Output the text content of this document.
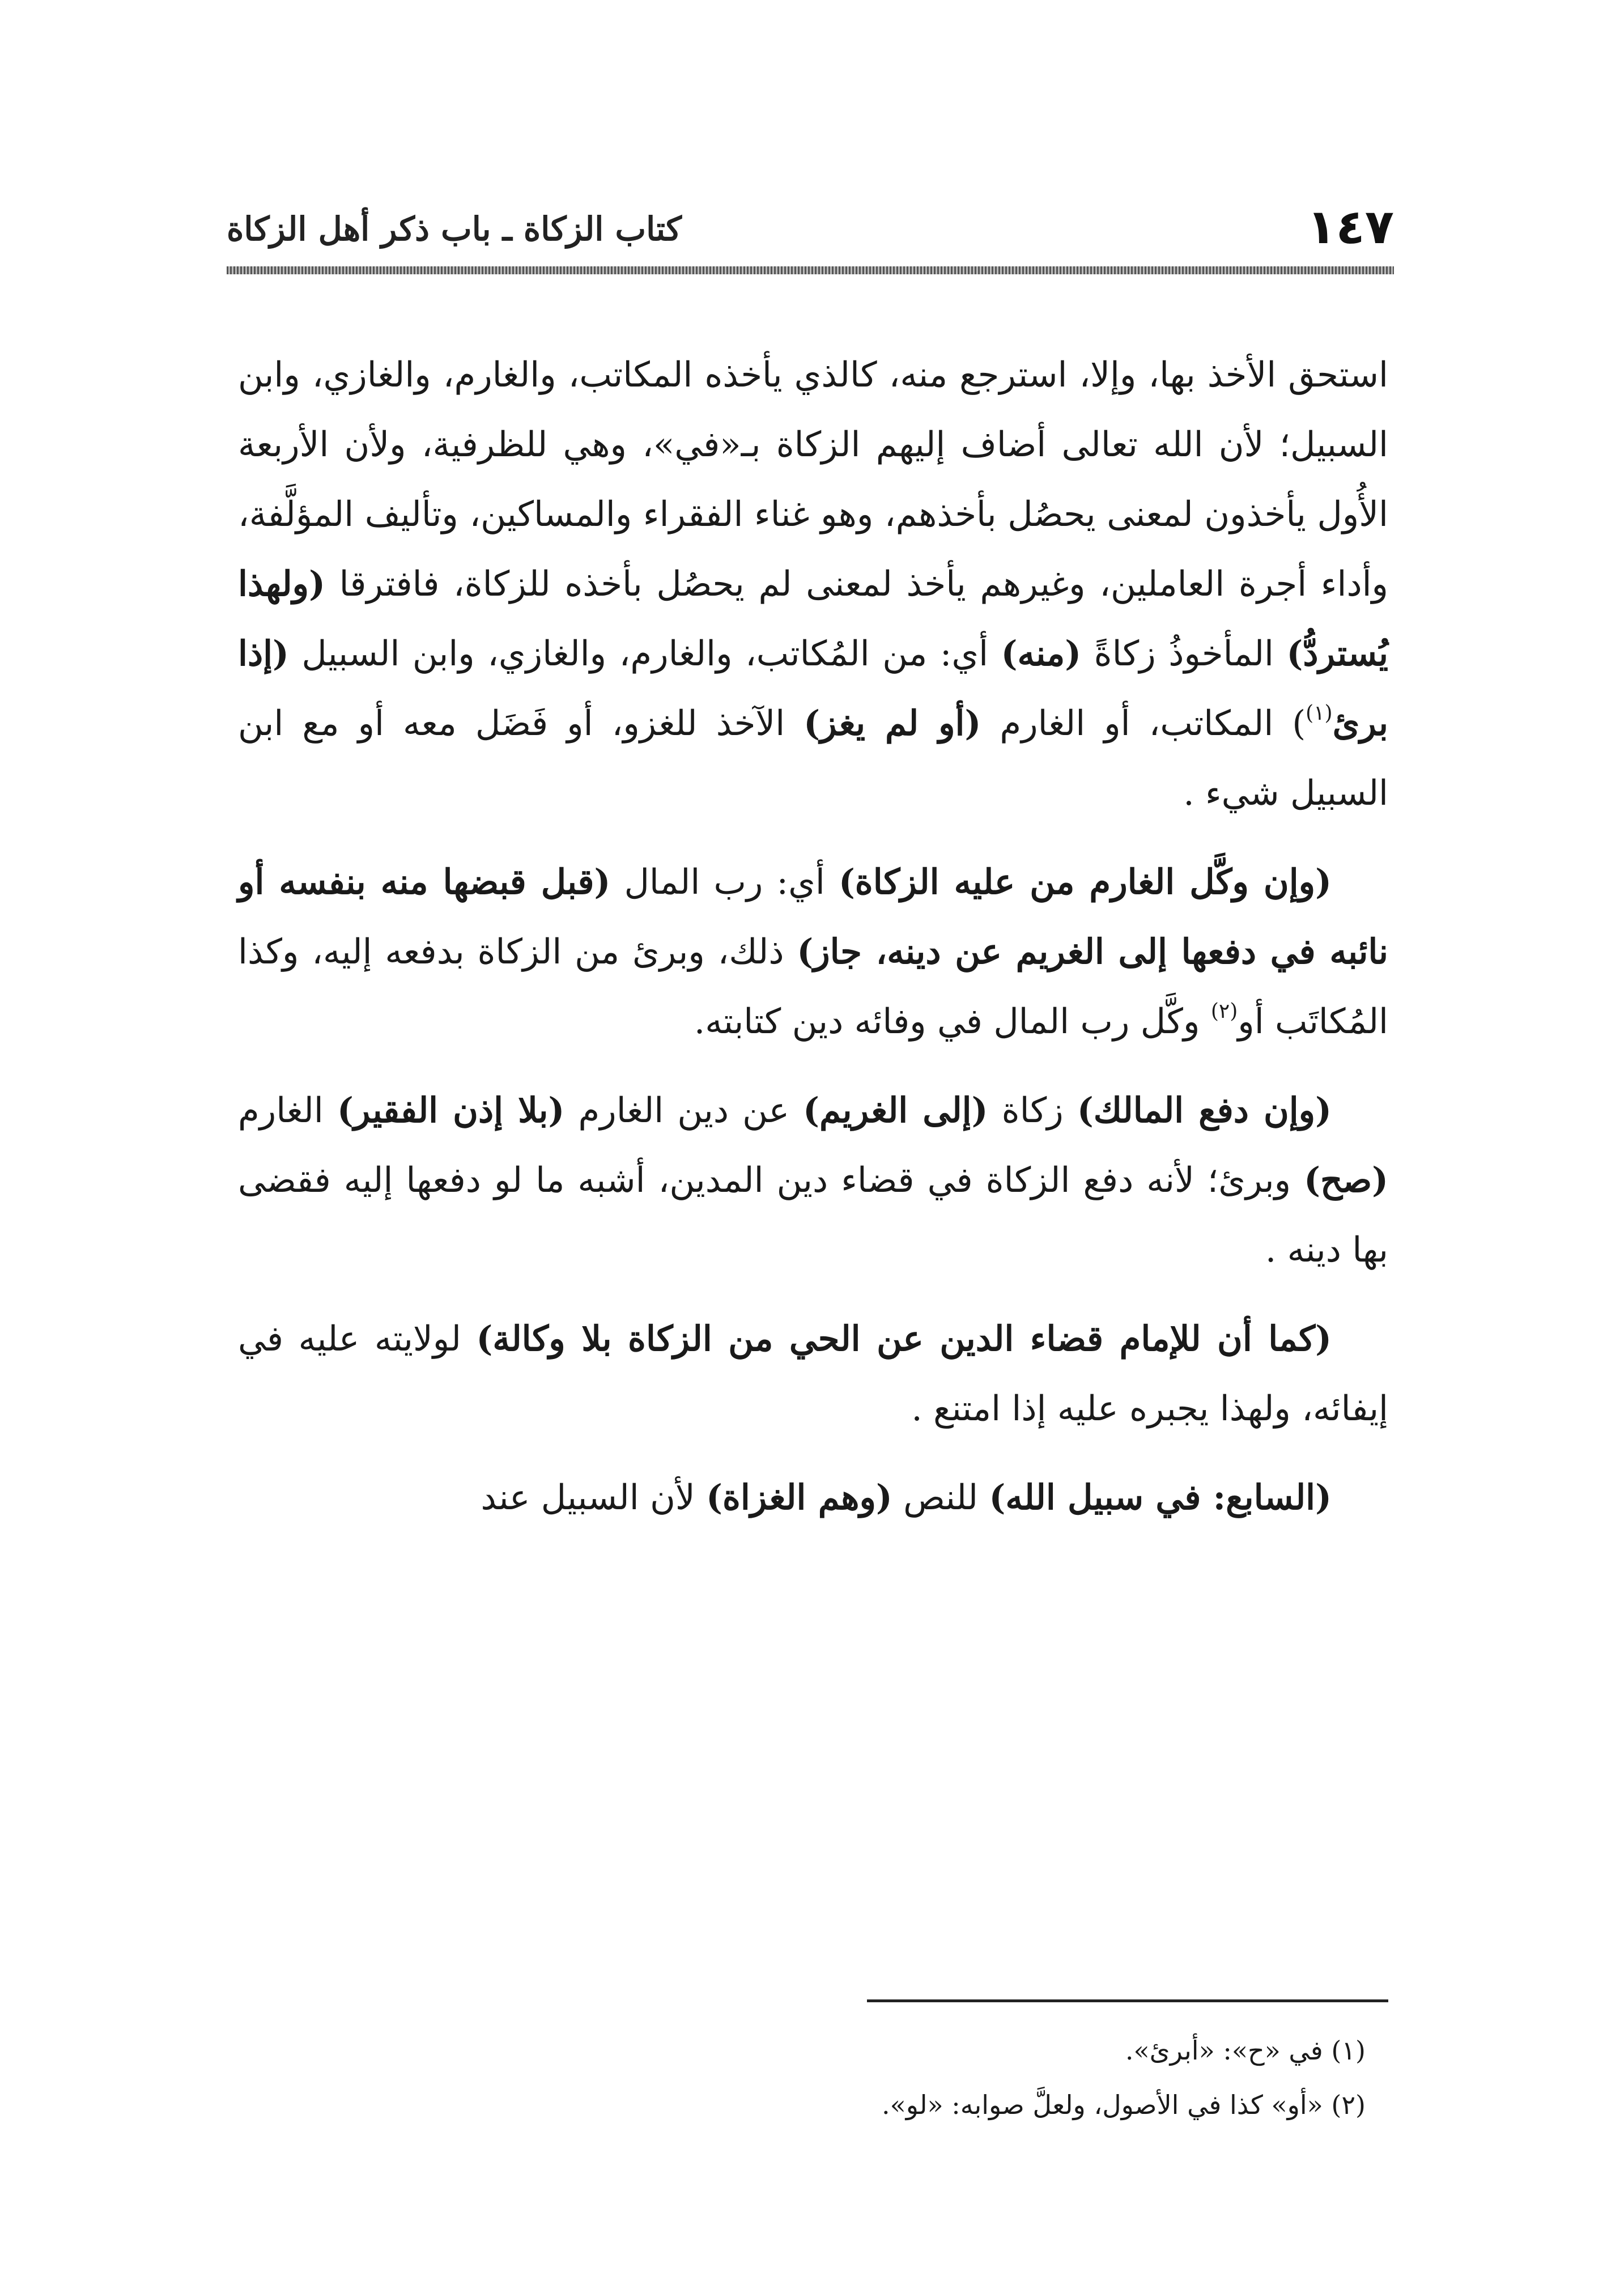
١٤٧
كتاب الزكاة ـ باب ذكر أهل الزكاة

استحق الأخذ بها، وإلا، استرجع منه، كالذي يأخذه المكاتب، والغارم، والغازي، وابن السبيل؛ لأن الله تعالى أضاف إليهم الزكاة بـ«في»، وهي للظرفية، ولأن الأربعة الأُول يأخذون لمعنى يحصُل بأخذهم، وهو غناء الفقراء والمساكين، وتأليف المؤلَّفة، وأداء أجرة العاملين، وغيرهم يأخذ لمعنى لم يحصُل بأخذه للزكاة، فافترقا (ولهذا يُستردُّ) المأخوذُ زكاةً (منه) أي: من المُكاتب، والغارم، والغازي، وابن السبيل (إذا برئ$^{(١)}$) المكاتب، أو الغارم (أو لم يغز) الآخذ للغزو، أو فَضَل معه أو مع ابن السبيل شيء .

(وإن وكَّل الغارم من عليه الزكاة) أي: رب المال (قبل قبضها منه بنفسه أو نائبه في دفعها إلى الغريم عن دينه، جاز) ذلك، وبرئ من الزكاة بدفعه إليه، وكذا المُكاتَب أو$^{(٢)}$ وكَّل رب المال في وفائه دين كتابته.

(وإن دفع المالك) زكاة (إلى الغريم) عن دين الغارم (بلا إذن الفقير) الغارم (صح) وبرئ؛ لأنه دفع الزكاة في قضاء دين المدين، أشبه ما لو دفعها إليه فقضى بها دينه .

(كما أن للإمام قضاء الدين عن الحي من الزكاة بلا وكالة) لولايته عليه في إيفائه، ولهذا يجبره عليه إذا امتنع .

(السابع: في سبيل الله) للنص (وهم الغزاة) لأن السبيل عند

(١) في «ح»: «أبرئ».

(٢) «أو» كذا في الأصول، ولعلَّ صوابه: «لو».
